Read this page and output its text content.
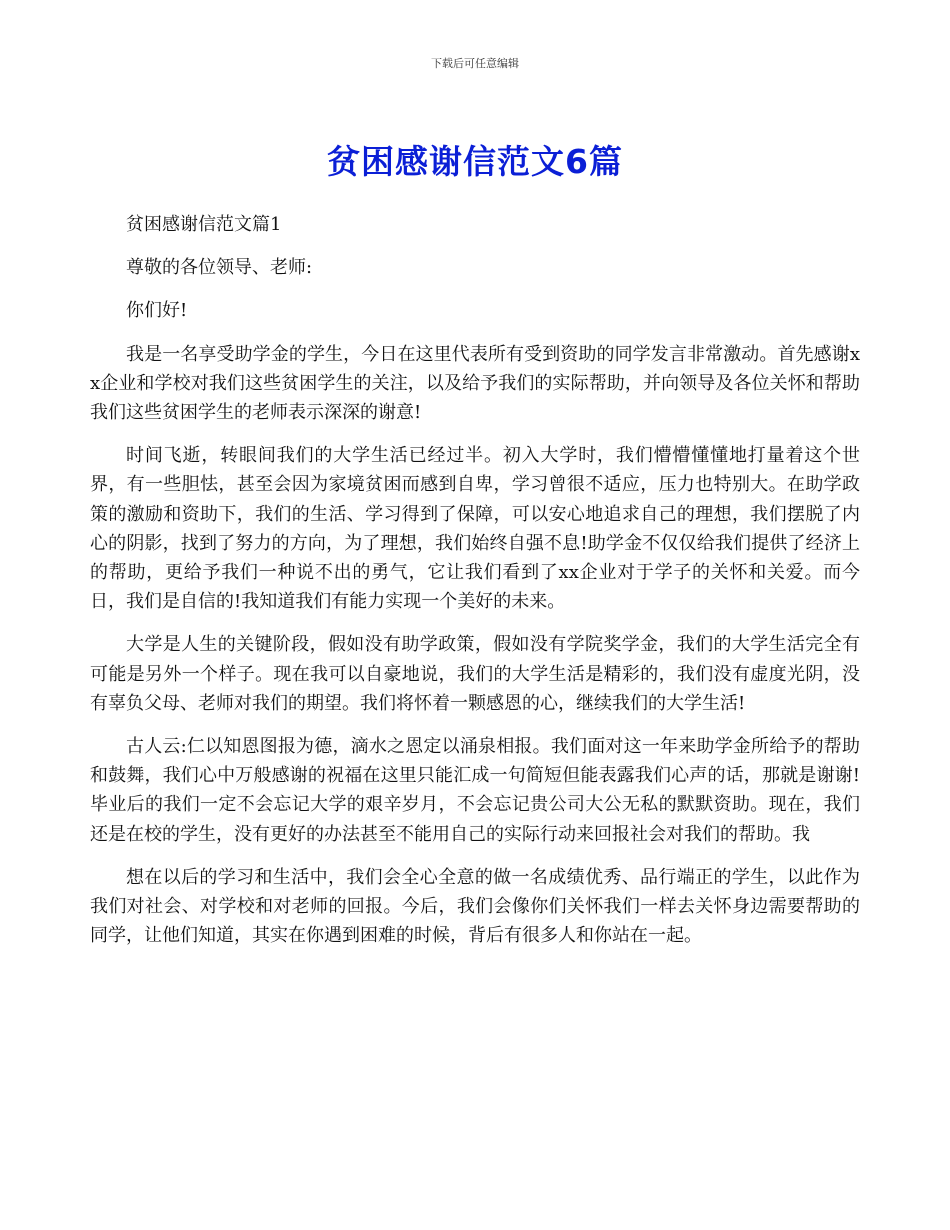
下载后可任意编辑
贫困感谢信范文6篇

贫困感谢信范文篇1

尊敬的各位领导、老师:

你们好!

我是一名享受助学金的学生，今日在这里代表所有受到资助的同学发言非常激动。首先感谢xx企业和学校对我们这些贫困学生的关注，以及给予我们的实际帮助，并向领导及各位关怀和帮助我们这些贫困学生的老师表示深深的谢意!

时间飞逝，转眼间我们的大学生活已经过半。初入大学时，我们懵懵懂懂地打量着这个世界，有一些胆怯，甚至会因为家境贫困而感到自卑，学习曾很不适应，压力也特别大。在助学政策的激励和资助下，我们的生活、学习得到了保障，可以安心地追求自己的理想，我们摆脱了内心的阴影，找到了努力的方向，为了理想，我们始终自强不息!助学金不仅仅给我们提供了经济上的帮助，更给予我们一种说不出的勇气，它让我们看到了xx企业对于学子的关怀和关爱。而今日，我们是自信的!我知道我们有能力实现一个美好的未来。

大学是人生的关键阶段，假如没有助学政策，假如没有学院奖学金，我们的大学生活完全有可能是另外一个样子。现在我可以自豪地说，我们的大学生活是精彩的，我们没有虚度光阴，没有辜负父母、老师对我们的期望。我们将怀着一颗感恩的心，继续我们的大学生活!

古人云:仁以知恩图报为德，滴水之恩定以涌泉相报。我们面对这一年来助学金所给予的帮助和鼓舞，我们心中万般感谢的祝福在这里只能汇成一句简短但能表露我们心声的话，那就是谢谢!毕业后的我们一定不会忘记大学的艰辛岁月，不会忘记贵公司大公无私的默默资助。现在，我们还是在校的学生，没有更好的办法甚至不能用自己的实际行动来回报社会对我们的帮助。我

想在以后的学习和生活中，我们会全心全意的做一名成绩优秀、品行端正的学生，以此作为我们对社会、对学校和对老师的回报。今后，我们会像你们关怀我们一样去关怀身边需要帮助的同学，让他们知道，其实在你遇到困难的时候，背后有很多人和你站在一起。
